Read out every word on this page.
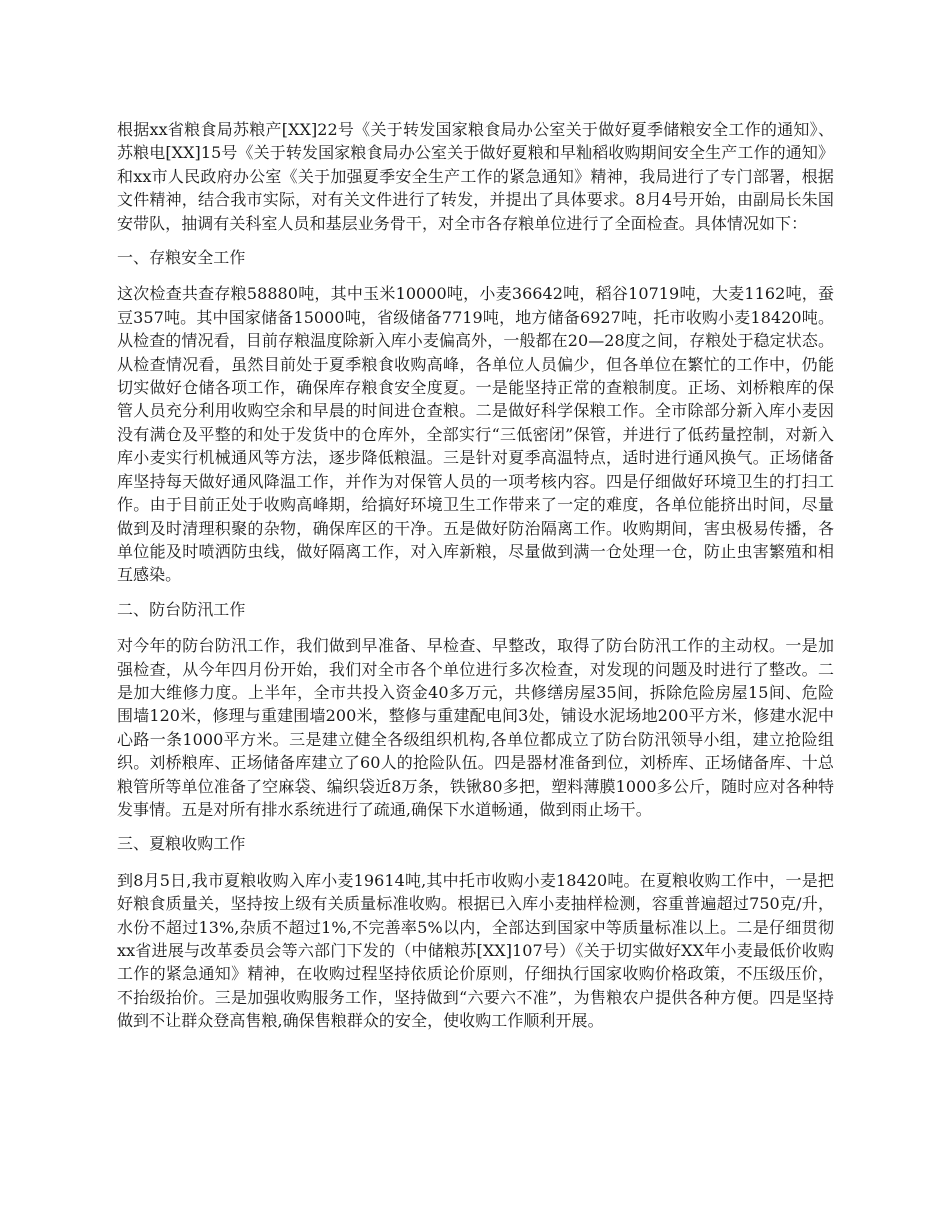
根据xx省粮食局苏粮产[XX]22号《关于转发国家粮食局办公室关于做好夏季储粮安全工作的通知》、苏粮电[XX]15号《关于转发国家粮食局办公室关于做好夏粮和早籼稻收购期间安全生产工作的通知》和xx市人民政府办公室《关于加强夏季安全生产工作的紧急通知》精神，我局进行了专门部署，根据文件精神，结合我市实际，对有关文件进行了转发，并提出了具体要求。8月4号开始，由副局长朱国安带队，抽调有关科室人员和基层业务骨干，对全市各存粮单位进行了全面检查。具体情况如下：

一、存粮安全工作

这次检查共查存粮58880吨，其中玉米10000吨，小麦36642吨，稻谷10719吨，大麦1162吨，蚕豆357吨。其中国家储备15000吨，省级储备7719吨，地方储备6927吨，托市收购小麦18420吨。从检查的情况看，目前存粮温度除新入库小麦偏高外，一般都在20—28度之间，存粮处于稳定状态。从检查情况看，虽然目前处于夏季粮食收购高峰，各单位人员偏少，但各单位在繁忙的工作中，仍能切实做好仓储各项工作，确保库存粮食安全度夏。一是能坚持正常的查粮制度。正场、刘桥粮库的保管人员充分利用收购空余和早晨的时间进仓查粮。二是做好科学保粮工作。全市除部分新入库小麦因没有满仓及平整的和处于发货中的仓库外，全部实行“三低密闭”保管，并进行了低药量控制，对新入库小麦实行机械通风等方法，逐步降低粮温。三是针对夏季高温特点，适时进行通风换气。正场储备库坚持每天做好通风降温工作，并作为对保管人员的一项考核内容。四是仔细做好环境卫生的打扫工作。由于目前正处于收购高峰期，给搞好环境卫生工作带来了一定的难度，各单位能挤出时间，尽量做到及时清理积聚的杂物，确保库区的干净。五是做好防治隔离工作。收购期间，害虫极易传播，各单位能及时喷洒防虫线，做好隔离工作，对入库新粮，尽量做到满一仓处理一仓，防止虫害繁殖和相互感染。

二、防台防汛工作

对今年的防台防汛工作，我们做到早准备、早检查、早整改，取得了防台防汛工作的主动权。一是加强检查，从今年四月份开始，我们对全市各个单位进行多次检查，对发现的问题及时进行了整改。二是加大维修力度。上半年，全市共投入资金40多万元，共修缮房屋35间，拆除危险房屋15间、危险围墙120米，修理与重建围墙200米，整修与重建配电间3处，铺设水泥场地200平方米，修建水泥中心路一条1000平方米。三是建立健全各级组织机构,各单位都成立了防台防汛领导小组，建立抢险组织。刘桥粮库、正场储备库建立了60人的抢险队伍。四是器材准备到位，刘桥库、正场储备库、十总粮管所等单位准备了空麻袋、编织袋近8万条，铁锹80多把，塑料薄膜1000多公斤，随时应对各种特发事情。五是对所有排水系统进行了疏通,确保下水道畅通，做到雨止场干。

三、夏粮收购工作

到8月5日,我市夏粮收购入库小麦19614吨,其中托市收购小麦18420吨。在夏粮收购工作中，一是把好粮食质量关，坚持按上级有关质量标准收购。根据已入库小麦抽样检测，容重普遍超过750克/升，水份不超过13%,杂质不超过1%,不完善率5%以内，全部达到国家中等质量标准以上。二是仔细贯彻xx省进展与改革委员会等六部门下发的（中储粮苏[XX]107号）《关于切实做好XX年小麦最低价收购工作的紧急通知》精神，在收购过程坚持依质论价原则，仔细执行国家收购价格政策，不压级压价，不抬级抬价。三是加强收购服务工作，坚持做到“六要六不准”，为售粮农户提供各种方便。四是坚持做到不让群众登高售粮,确保售粮群众的安全，使收购工作顺利开展。
